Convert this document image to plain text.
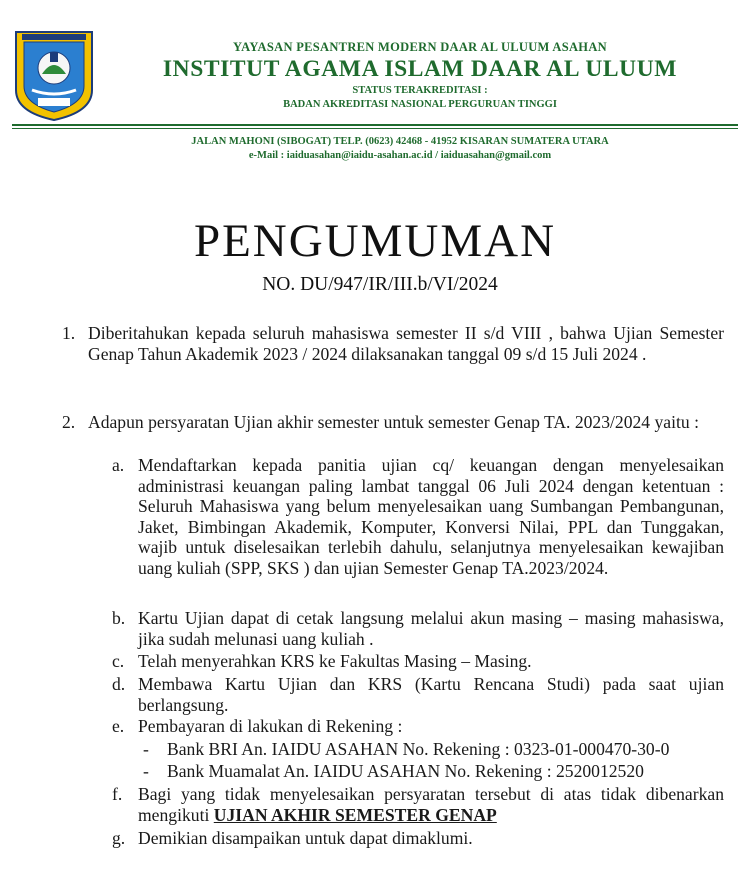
YAYASAN PESANTREN MODERN DAAR AL ULUUM ASAHAN
INSTITUT AGAMA ISLAM DAAR AL ULUUM
STATUS TERAKREDITASI :
BADAN AKREDITASI NASIONAL PERGURUAN TINGGI
JALAN MAHONI (SIBOGAT) TELP. (0623) 42468 - 41952 KISARAN SUMATERA UTARA
e-Mail : iaiduasahan@iaidu-asahan.ac.id / iaiduasahan@gmail.com
PENGUMUMAN
NO. DU/947/IR/III.b/VI/2024
1. Diberitahukan kepada seluruh mahasiswa semester II s/d VIII , bahwa Ujian Semester Genap Tahun Akademik 2023 / 2024 dilaksanakan tanggal 09 s/d 15 Juli 2024 .
2. Adapun persyaratan Ujian akhir semester untuk semester Genap TA. 2023/2024 yaitu :
a. Mendaftarkan kepada panitia ujian cq/ keuangan dengan menyelesaikan administrasi keuangan paling lambat tanggal 06 Juli 2024 dengan ketentuan : Seluruh Mahasiswa yang belum menyelesaikan uang Sumbangan Pembangunan, Jaket, Bimbingan Akademik, Komputer, Konversi Nilai, PPL dan Tunggakan, wajib untuk diselesaikan terlebih dahulu, selanjutnya menyelesaikan kewajiban uang kuliah (SPP, SKS ) dan ujian Semester Genap TA.2023/2024.
b. Kartu Ujian dapat di cetak langsung melalui akun masing – masing mahasiswa, jika sudah melunasi uang kuliah .
c. Telah menyerahkan KRS ke Fakultas Masing – Masing.
d. Membawa Kartu Ujian dan KRS (Kartu Rencana Studi) pada saat ujian berlangsung.
e. Pembayaran di lakukan di Rekening :
- Bank BRI An. IAIDU ASAHAN No. Rekening : 0323-01-000470-30-0
- Bank Muamalat An. IAIDU ASAHAN No. Rekening : 2520012520
f. Bagi yang tidak menyelesaikan persyaratan tersebut di atas tidak dibenarkan mengikuti UJIAN AKHIR SEMESTER GENAP
g. Demikian disampaikan untuk dapat dimaklumi.
